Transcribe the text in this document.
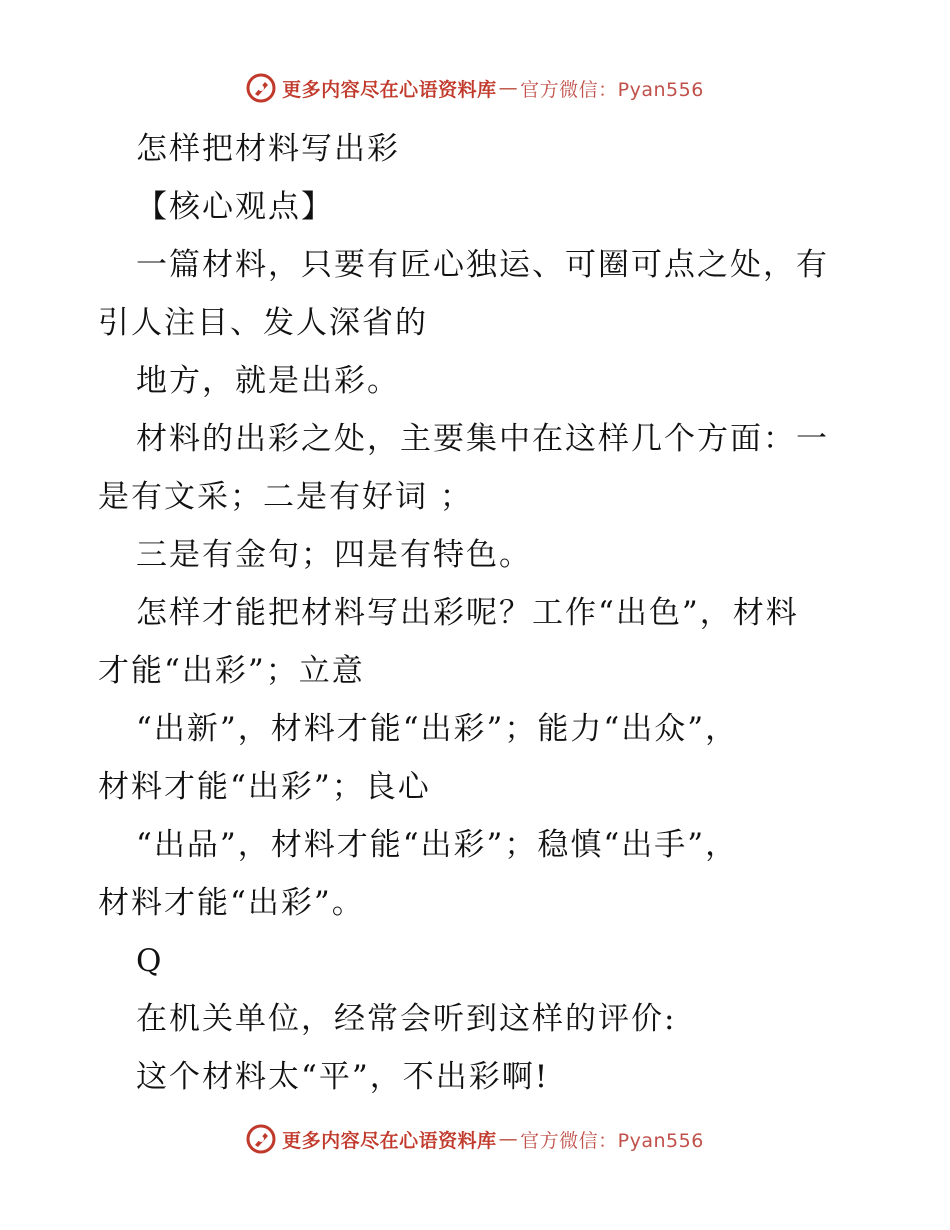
更多内容尽在心语资料库 — 官方微信：Pyan556
怎样把材料写出彩
【核心观点】
一篇材料，只要有匠心独运、可圈可点之处，有
引人注目、发人深省的
地方，就是出彩。
材料的出彩之处，主要集中在这样几个方面：一
是有文采；二是有好词 ；
三是有金句；四是有特色。
怎样才能把材料写出彩呢？工作“出色”，材料
才能“出彩”；立意
“出新”，材料才能“出彩”；能力“出众”，
材料才能“出彩”；良心
“出品”，材料才能“出彩”；稳慎“出手”，
材料才能“出彩”。
Q
在机关单位，经常会听到这样的评价:
这个材料太“平”，不出彩啊!
更多内容尽在心语资料库 — 官方微信：Pyan556
